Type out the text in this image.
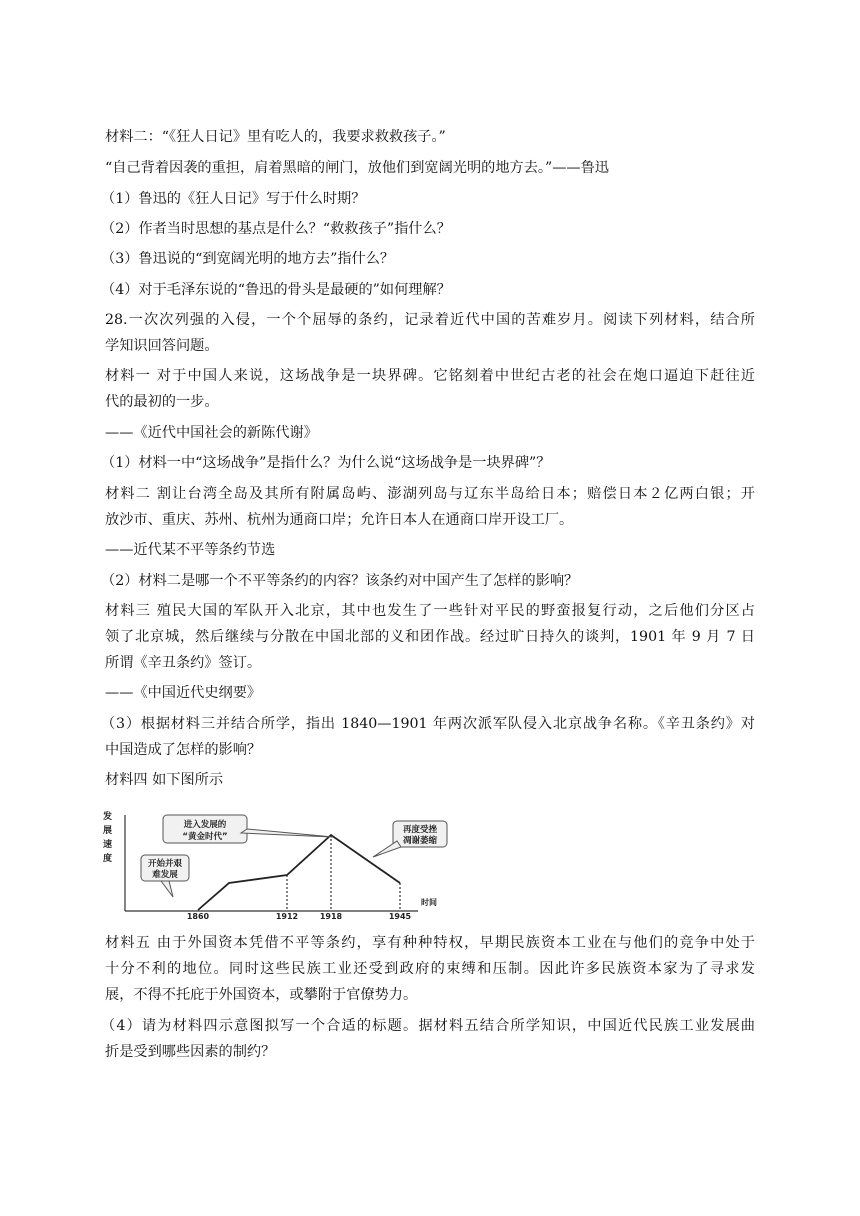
材料二：“《狂人日记》里有吃人的，我要求救救孩子。”
“自己背着因袭的重担，肩着黑暗的闸门，放他们到宽阔光明的地方去。”——鲁迅
（1）鲁迅的《狂人日记》写于什么时期？
（2）作者当时思想的基点是什么？“救救孩子”指什么？
（3）鲁迅说的“到宽阔光明的地方去”指什么？
（4）对于毛泽东说的“鲁迅的骨头是最硬的”如何理解？
28.一次次列强的入侵，一个个屈辱的条约，记录着近代中国的苦难岁月。阅读下列材料，结合所
学知识回答问题。
材料一 对于中国人来说，这场战争是一块界碑。它铭刻着中世纪古老的社会在炮口逼迫下赶往近
代的最初的一步。
——《近代中国社会的新陈代谢》
（1）材料一中“这场战争”是指什么？为什么说“这场战争是一块界碑”？
材料二 割让台湾全岛及其所有附属岛屿、澎湖列岛与辽东半岛给日本；赔偿日本２亿两白银；开
放沙市、重庆、苏州、杭州为通商口岸；允许日本人在通商口岸开设工厂。
——近代某不平等条约节选
（2）材料二是哪一个不平等条约的内容？该条约对中国产生了怎样的影响？
材料三 殖民大国的军队开入北京，其中也发生了一些针对平民的野蛮报复行动，之后他们分区占
领了北京城，然后继续与分散在中国北部的义和团作战。经过旷日持久的谈判，1901 年 9 月 7 日
所谓《辛丑条约》签订。
——《中国近代史纲要》
（3）根据材料三并结合所学，指出 1840—1901 年两次派军队侵入北京战争名称。《辛丑条约》对
中国造成了怎样的影响？
材料四 如下图所示
发
展
速
度
时间
1860	1912	1918	1945
开始并艰
难发展
进入发展的
“黄金时代”
再度受挫
凋谢萎缩
材料五 由于外国资本凭借不平等条约，享有种种特权，早期民族资本工业在与他们的竞争中处于
十分不利的地位。同时这些民族工业还受到政府的束缚和压制。因此许多民族资本家为了寻求发
展，不得不托庇于外国资本，或攀附于官僚势力。
（4）请为材料四示意图拟写一个合适的标题。据材料五结合所学知识，中国近代民族工业发展曲
折是受到哪些因素的制约？
